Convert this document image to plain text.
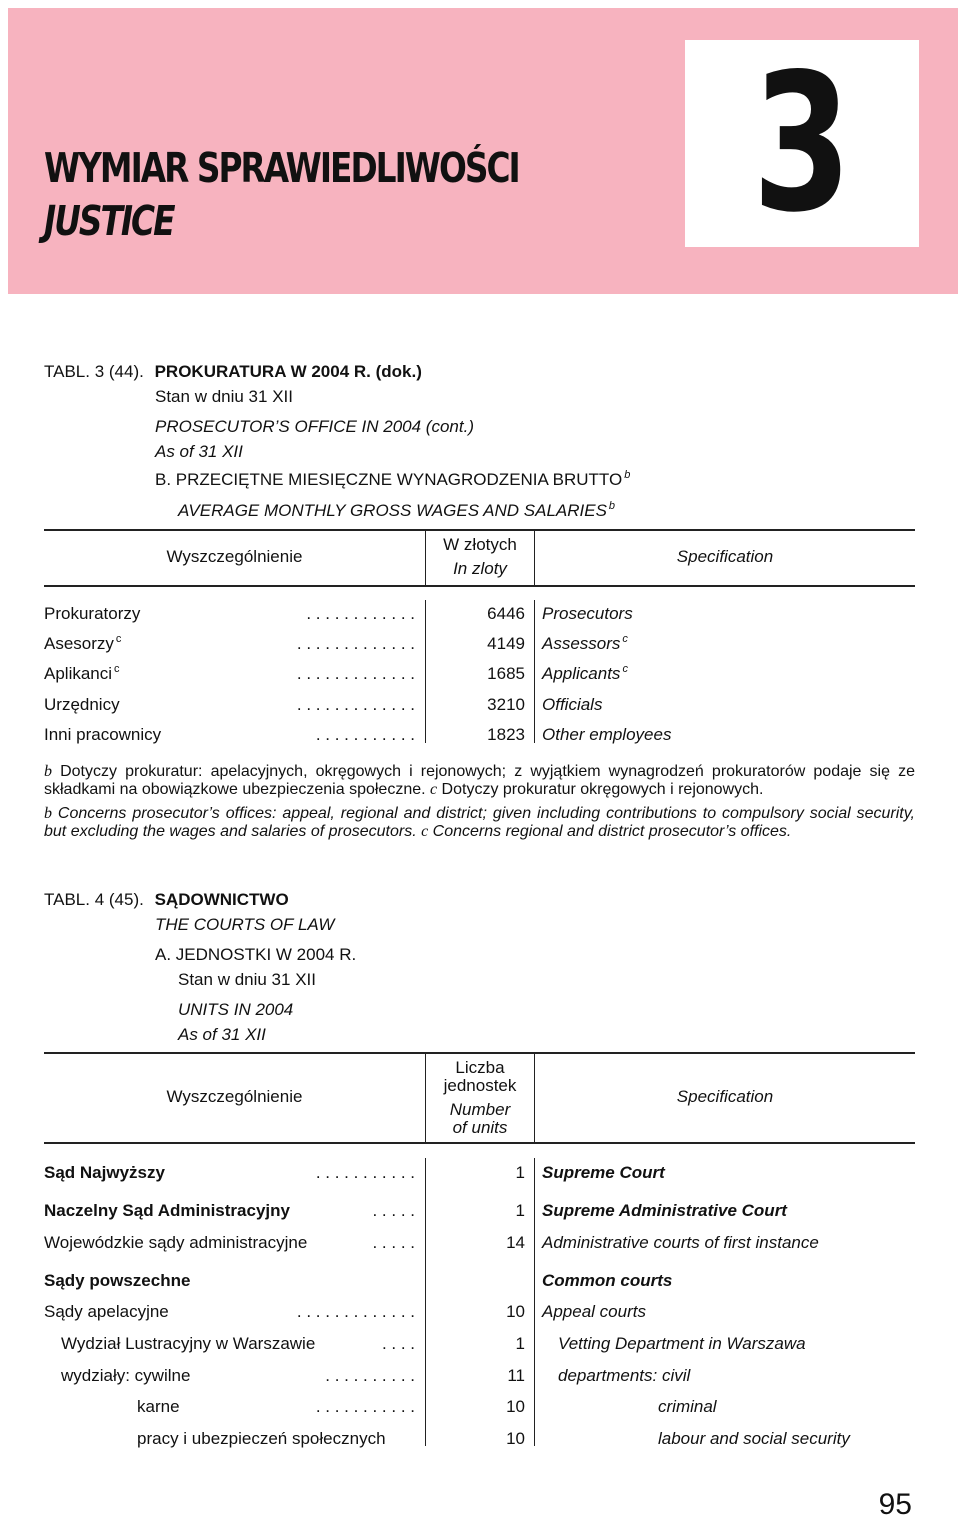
WYMIAR SPRAWIEDLIWOŚCI
JUSTICE	3
TABL. 3 (44). PROKURATURA W 2004 R. (dok.)
Stan w dniu 31 XII
PROSECUTOR’S OFFICE IN 2004 (cont.)
As of 31 XII
B. PRZECIĘTNE MIESIĘCZNE WYNAGRODZENIA BRUTTO $^b$
AVERAGE MONTHLY GROSS WAGES AND SALARIES $^b$
Wyszczególnienie
W złotych
In zloty
Specification
Prokuratorzy	. . . . . . . . . . . .	6446 Prosecutors
Asesorzy $^c$	. . . . . . . . . . . . .	4149 Assessors $^c$
Aplikanci $^c$	. . . . . . . . . . . . .	1685 Applicants $^c$
Urzędnicy	. . . . . . . . . . . . .	3210 Officials
Inni pracownicy	. . . . . . . . . . .	1823 Other employees
b Dotyczy prokuratur: apelacyjnych, okręgowych i rejonowych; z wyjątkiem wynagrodzeń prokuratorów podaje się ze składkami na obowiązkowe ubezpieczenia społeczne. c Dotyczy prokuratur okręgowych i rejonowych.
b Concerns prosecutor’s offices: appeal, regional and district; given including contributions to compulsory social security, but excluding the wages and salaries of prosecutors. c Concerns regional and district prosecutor’s offices.
TABL. 4 (45). SĄDOWNICTWO
THE COURTS OF LAW
A. JEDNOSTKI W 2004 R.
Stan w dniu 31 XII
UNITS IN 2004
As of 31 XII
Wyszczególnienie
Liczba
jednostek
Number
of units
Specification
Sąd Najwyższy	. . . . . . . . . . .	1 Supreme Court
Naczelny Sąd Administracyjny	. . . . .	1 Supreme Administrative Court
Wojewódzkie sądy administracyjne	. . . . .	14 Administrative courts of first instance
Sądy powszechne	Common courts
Sądy apelacyjne	. . . . . . . . . . . . .	10 Appeal courts
Wydział Lustracyjny w Warszawie	. . . .	1 Vetting Department in Warszawa
wydziały: cywilne	. . . . . . . . . .	11 departments: civil
karne	. . . . . . . . . . .	10	criminal
pracy i ubezpieczeń społecznych	10	labour and social security
95
